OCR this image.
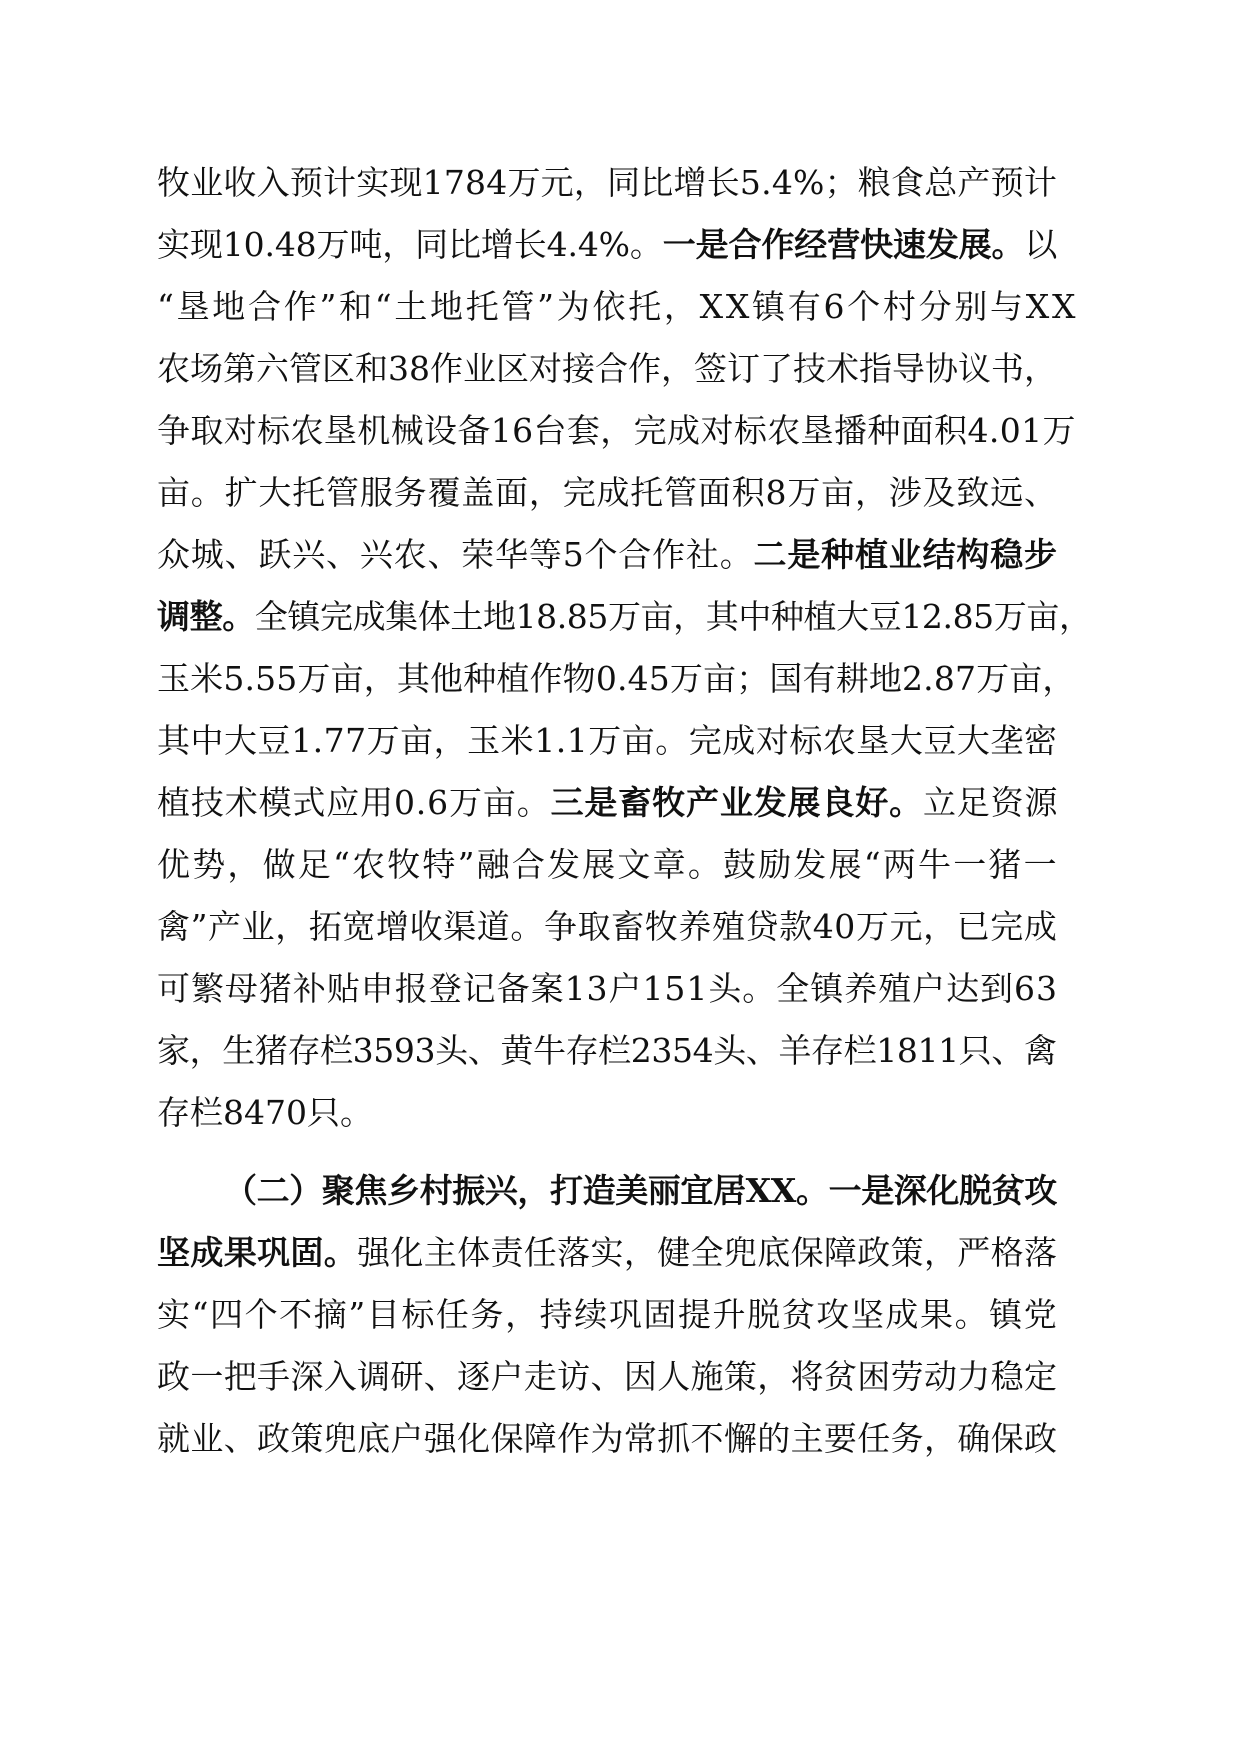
牧业收入预计实现1784万元，同比增长5.4%；粮食总产预计
实现10.48万吨，同比增长4.4%。一是合作经营快速发展。以
“垦地合作”和“土地托管”为依托，XX镇有6个村分别与XX
农场第六管区和38作业区对接合作，签订了技术指导协议书，
争取对标农垦机械设备16台套，完成对标农垦播种面积4.01万
亩。扩大托管服务覆盖面，完成托管面积8万亩，涉及致远、
众城、跃兴、兴农、荣华等5个合作社。二是种植业结构稳步
调整。全镇完成集体土地18.85万亩，其中种植大豆12.85万亩，
玉米5.55万亩，其他种植作物0.45万亩；国有耕地2.87万亩，
其中大豆1.77万亩，玉米1.1万亩。完成对标农垦大豆大垄密
植技术模式应用0.6万亩。三是畜牧产业发展良好。立足资源
优势，做足“农牧特”融合发展文章。鼓励发展“两牛一猪一
禽”产业，拓宽增收渠道。争取畜牧养殖贷款40万元，已完成
可繁母猪补贴申报登记备案13户151头。全镇养殖户达到63
家，生猪存栏3593头、黄牛存栏2354头、羊存栏1811只、禽
存栏8470只。
（二）聚焦乡村振兴，打造美丽宜居XX。一是深化脱贫攻
坚成果巩固。强化主体责任落实，健全兜底保障政策，严格落
实“四个不摘”目标任务，持续巩固提升脱贫攻坚成果。镇党
政一把手深入调研、逐户走访、因人施策，将贫困劳动力稳定
就业、政策兜底户强化保障作为常抓不懈的主要任务，确保政
